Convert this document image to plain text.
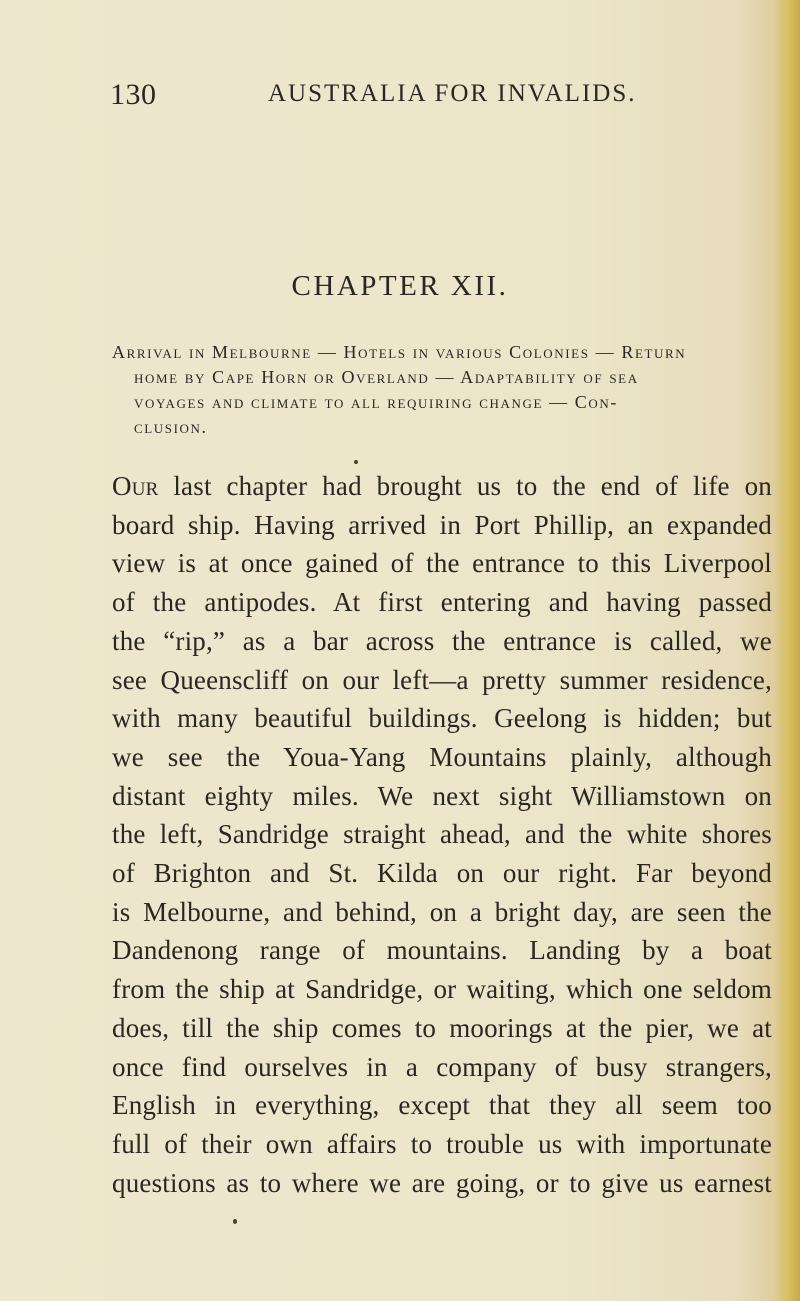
130	AUSTRALIA FOR INVALIDS.
CHAPTER XII.
Arrival in Melbourne — Hotels in various Colonies — Return
home by Cape Horn or Overland — Adaptability of sea
voyages and climate to all requiring change — Con-
clusion.
Our last chapter had brought us to the end of life on
board ship. Having arrived in Port Phillip, an expanded
view is at once gained of the entrance to this Liverpool
of the antipodes. At first entering and having passed
the “rip,” as a bar across the entrance is called, we
see Queenscliff on our left—a pretty summer residence,
with many beautiful buildings. Geelong is hidden; but
we see the Youa-Yang Mountains plainly, although
distant eighty miles. We next sight Williamstown on
the left, Sandridge straight ahead, and the white shores
of Brighton and St. Kilda on our right. Far beyond
is Melbourne, and behind, on a bright day, are seen the
Dandenong range of mountains. Landing by a boat
from the ship at Sandridge, or waiting, which one seldom
does, till the ship comes to moorings at the pier, we at
once find ourselves in a company of busy strangers,
English in everything, except that they all seem too
full of their own affairs to trouble us with importunate
questions as to where we are going, or to give us earnest
